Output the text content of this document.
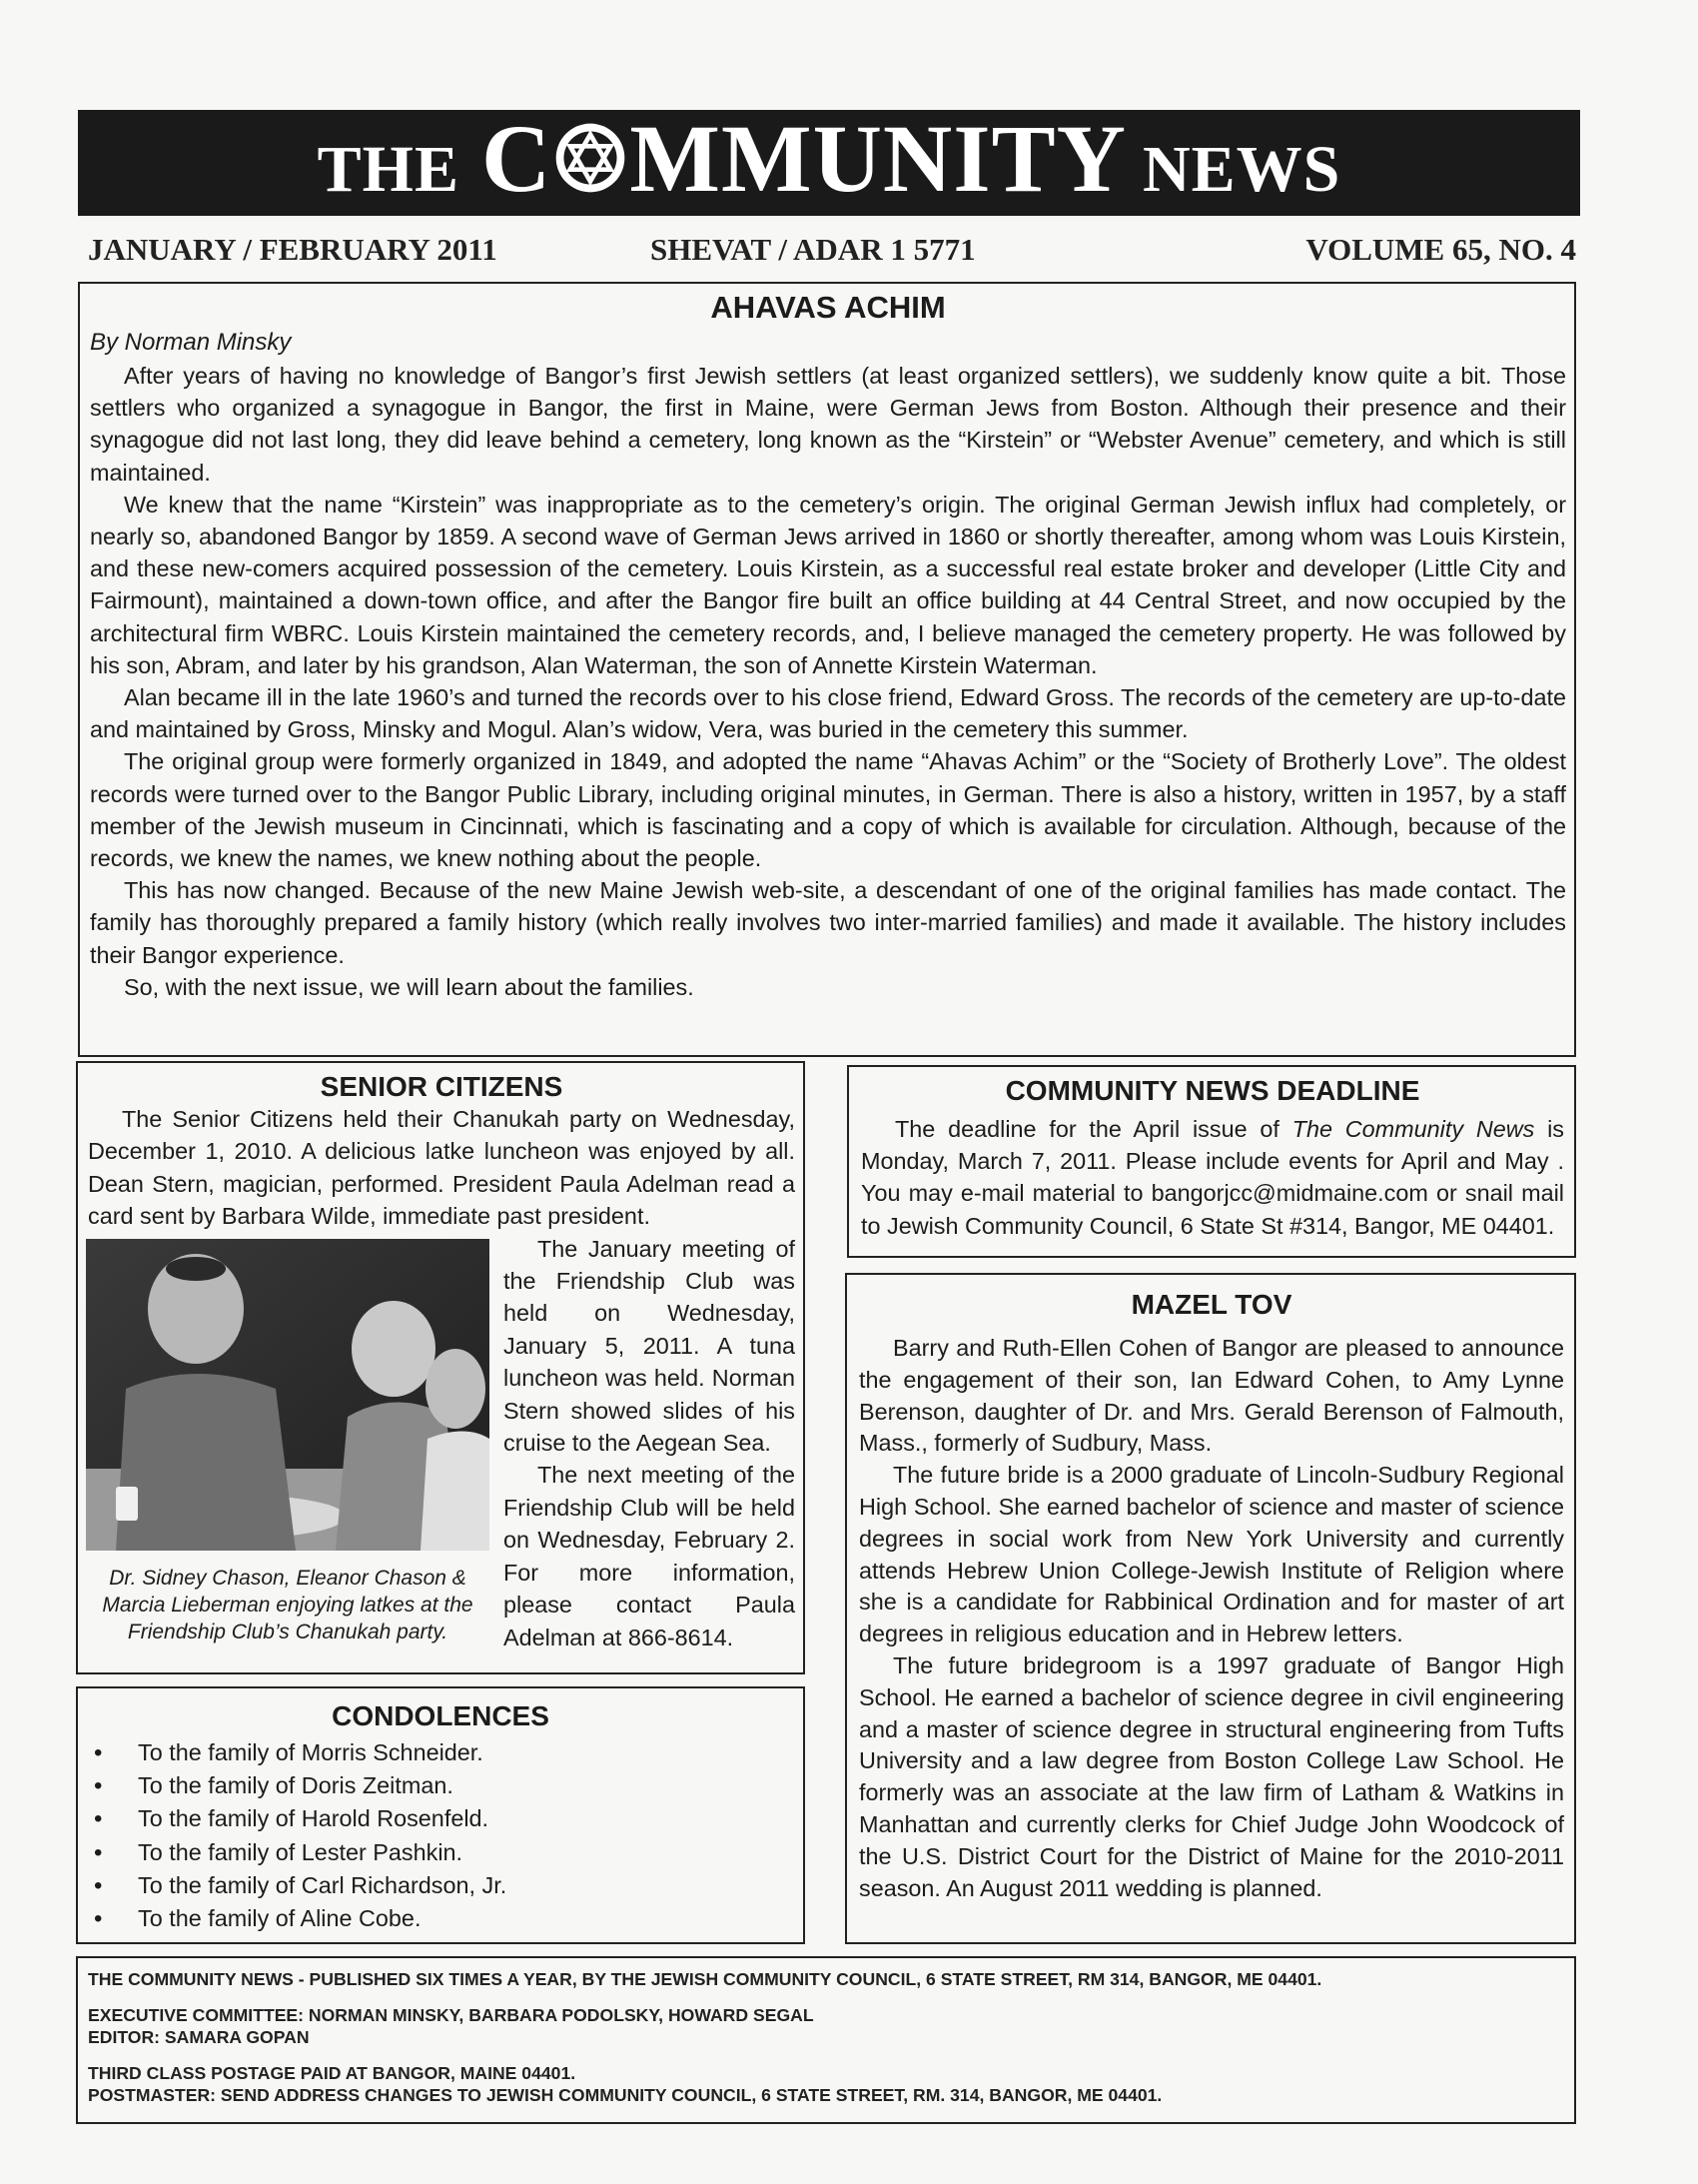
THE C MMUNITY NEWS
JANUARY / FEBRUARY 2011	SHEVAT / ADAR 1 5771	VOLUME 65, NO. 4
AHAVAS ACHIM
By Norman Minsky

After years of having no knowledge of Bangor’s first Jewish settlers (at least organized settlers), we suddenly know quite a bit. Those settlers who organized a synagogue in Bangor, the first in Maine, were German Jews from Boston. Although their presence and their synagogue did not last long, they did leave behind a cemetery, long known as the “Kirstein” or “Webster Avenue” cemetery, and which is still maintained.

We knew that the name “Kirstein” was inappropriate as to the cemetery’s origin. The original German Jewish influx had completely, or nearly so, abandoned Bangor by 1859. A second wave of German Jews arrived in 1860 or shortly thereafter, among whom was Louis Kirstein, and these new-comers acquired possession of the cemetery. Louis Kirstein, as a successful real estate broker and developer (Little City and Fairmount), maintained a down-town office, and after the Bangor fire built an office building at 44 Central Street, and now occupied by the architectural firm WBRC. Louis Kirstein maintained the cemetery records, and, I believe managed the cemetery property. He was followed by his son, Abram, and later by his grandson, Alan Waterman, the son of Annette Kirstein Waterman.

Alan became ill in the late 1960’s and turned the records over to his close friend, Edward Gross. The records of the cemetery are up-to-date and maintained by Gross, Minsky and Mogul. Alan’s widow, Vera, was buried in the cemetery this summer.

The original group were formerly organized in 1849, and adopted the name “Ahavas Achim” or the “Society of Brotherly Love”. The oldest records were turned over to the Bangor Public Library, including original minutes, in German. There is also a history, written in 1957, by a staff member of the Jewish museum in Cincinnati, which is fascinating and a copy of which is available for circulation. Although, because of the records, we knew the names, we knew nothing about the people.

This has now changed. Because of the new Maine Jewish web-site, a descendant of one of the original families has made contact. The family has thoroughly prepared a family history (which really involves two inter-married families) and made it available. The history includes their Bangor experience.

So, with the next issue, we will learn about the families.

SENIOR CITIZENS

The Senior Citizens held their Chanukah party on Wednesday, December 1, 2010. A delicious latke luncheon was enjoyed by all. Dean Stern, magician, performed. President Paula Adelman read a card sent by Barbara Wilde, immediate past president.

Dr. Sidney Chason, Eleanor Chason & Marcia Lieberman enjoying latkes at the Friendship Club’s Chanukah party.

The January meeting of the Friendship Club was held on Wednesday, January 5, 2011. A tuna luncheon was held. Norman Stern showed slides of his cruise to the Aegean Sea.

The next meeting of the Friendship Club will be held on Wednesday, February 2. For more information, please contact Paula Adelman at 866-8614.

COMMUNITY NEWS DEADLINE

The deadline for the April issue of The Community News is Monday, March 7, 2011. Please include events for April and May . You may e-mail material to bangorjcc@midmaine.com or snail mail to Jewish Community Council, 6 State St #314, Bangor, ME 04401.

MAZEL TOV

Barry and Ruth-Ellen Cohen of Bangor are pleased to announce the engagement of their son, Ian Edward Cohen, to Amy Lynne Berenson, daughter of Dr. and Mrs. Gerald Berenson of Falmouth, Mass., formerly of Sudbury, Mass.

The future bride is a 2000 graduate of Lincoln-Sudbury Regional High School. She earned bachelor of science and master of science degrees in social work from New York University and currently attends Hebrew Union College-Jewish Institute of Religion where she is a candidate for Rabbinical Ordination and for master of art degrees in religious education and in Hebrew letters.

The future bridegroom is a 1997 graduate of Bangor High School. He earned a bachelor of science degree in civil engineering and a master of science degree in structural engineering from Tufts University and a law degree from Boston College Law School. He formerly was an associate at the law firm of Latham & Watkins in Manhattan and currently clerks for Chief Judge John Woodcock of the U.S. District Court for the District of Maine for the 2010-2011 season. An August 2011 wedding is planned.

CONDOLENCES
• To the family of Morris Schneider.
• To the family of Doris Zeitman.
• To the family of Harold Rosenfeld.
• To the family of Lester Pashkin.
• To the family of Carl Richardson, Jr.
• To the family of Aline Cobe.
THE COMMUNITY NEWS - PUBLISHED SIX TIMES A YEAR, BY THE JEWISH COMMUNITY COUNCIL, 6 STATE STREET, RM 314, BANGOR, ME 04401.
EXECUTIVE COMMITTEE: NORMAN MINSKY, BARBARA PODOLSKY, HOWARD SEGAL
EDITOR: SAMARA GOPAN
THIRD CLASS POSTAGE PAID AT BANGOR, MAINE 04401.
POSTMASTER: SEND ADDRESS CHANGES TO JEWISH COMMUNITY COUNCIL, 6 STATE STREET, RM. 314, BANGOR, ME 04401.
